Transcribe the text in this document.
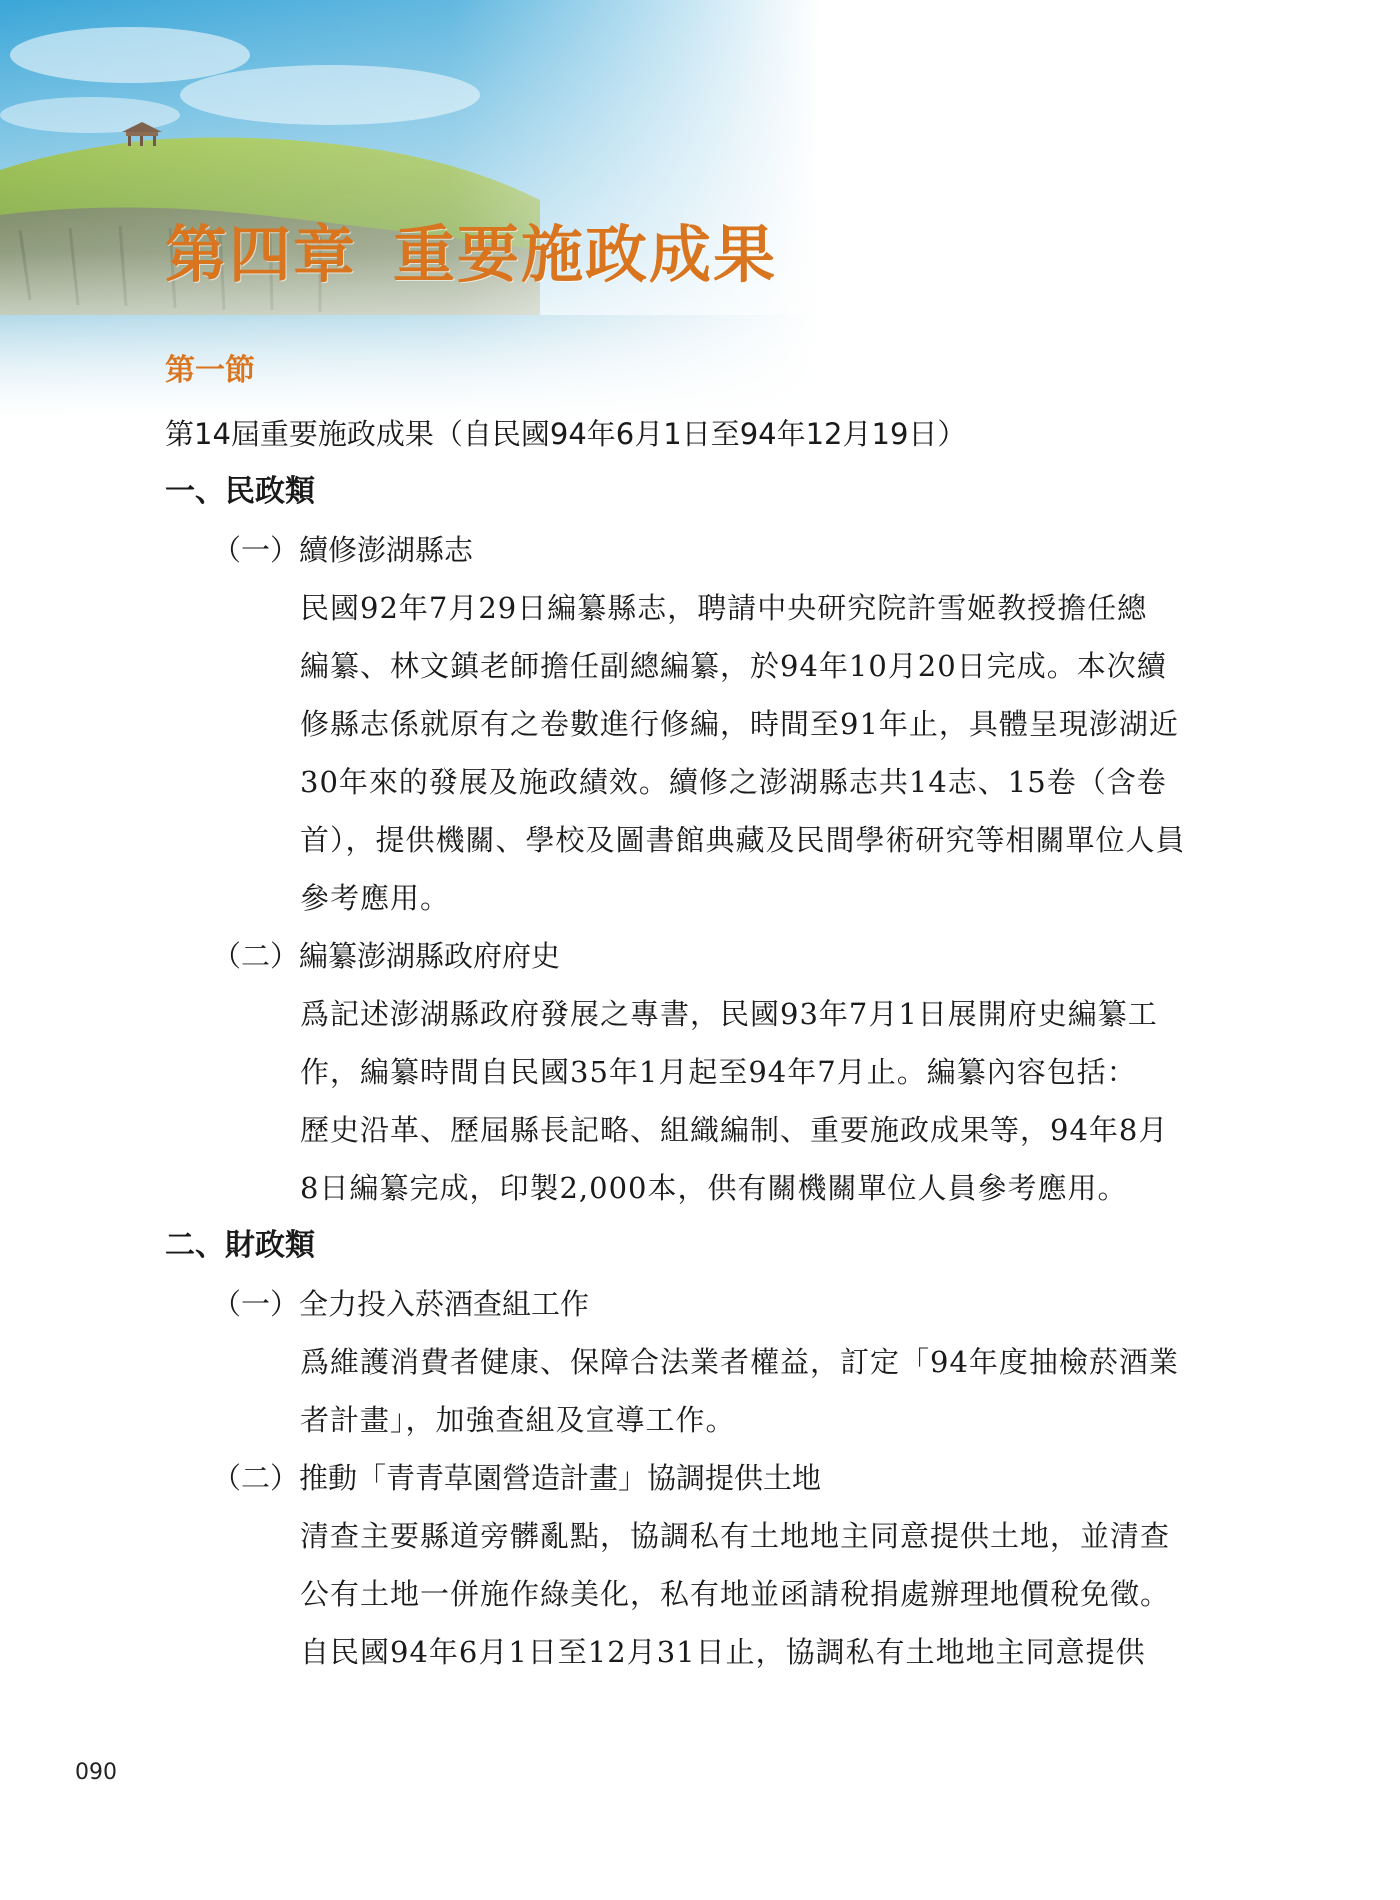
第四章 重要施政成果
第一節
第14屆重要施政成果（自民國94年6月1日至94年12月19日）
一、民政類
（一）續修澎湖縣志
民國92年7月29日編纂縣志，聘請中央研究院許雪姬教授擔任總
編纂、林文鎮老師擔任副總編纂，於94年10月20日完成。本次續
修縣志係就原有之卷數進行修編，時間至91年止，具體呈現澎湖近
30年來的發展及施政績效。續修之澎湖縣志共14志、15卷（含卷
首），提供機關、學校及圖書館典藏及民間學術研究等相關單位人員
參考應用。
（二）編纂澎湖縣政府府史
爲記述澎湖縣政府發展之專書，民國93年7月1日展開府史編纂工
作，編纂時間自民國35年1月起至94年7月止。編纂內容包括：
歷史沿革、歷屆縣長記略、組織編制、重要施政成果等，94年8月
8日編纂完成，印製2,000本，供有關機關單位人員參考應用。
二、財政類
（一）全力投入菸酒查組工作
爲維護消費者健康、保障合法業者權益，訂定「94年度抽檢菸酒業
者計畫」，加強查組及宣導工作。
（二）推動「青青草園營造計畫」協調提供土地
清查主要縣道旁髒亂點，協調私有土地地主同意提供土地，並清查
公有土地一併施作綠美化，私有地並函請稅捐處辦理地價稅免徵。
自民國94年6月1日至12月31日止，協調私有土地地主同意提供
090
